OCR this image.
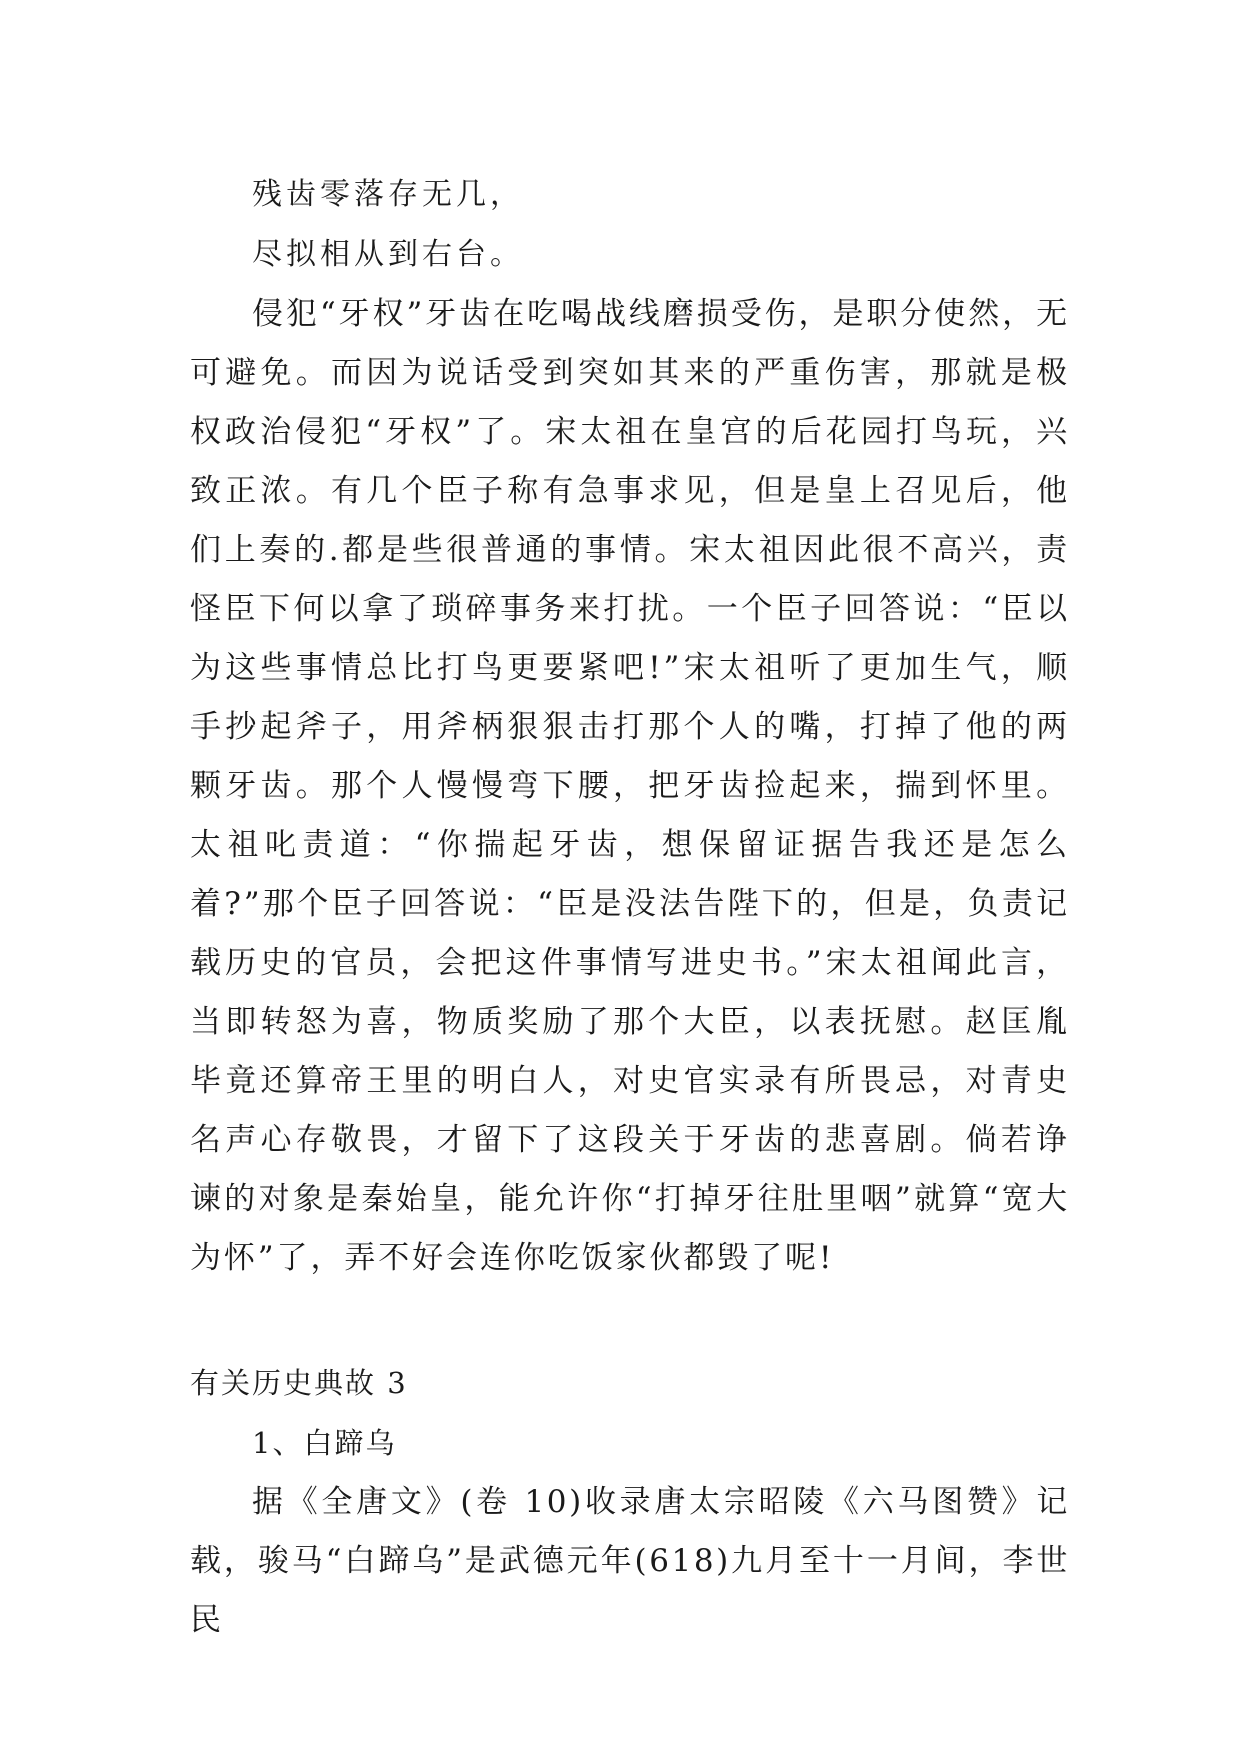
残齿零落存无几，
尽拟相从到右台。
侵犯“牙权”牙齿在吃喝战线磨损受伤，是职分使然，无可避免。而因为说话受到突如其来的严重伤害，那就是极权政治侵犯“牙权”了。宋太祖在皇宫的后花园打鸟玩，兴致正浓。有几个臣子称有急事求见，但是皇上召见后，他们上奏的.都是些很普通的事情。宋太祖因此很不高兴，责怪臣下何以拿了琐碎事务来打扰。一个臣子回答说：“臣以为这些事情总比打鸟更要紧吧!”宋太祖听了更加生气，顺手抄起斧子，用斧柄狠狠击打那个人的嘴，打掉了他的两颗牙齿。那个人慢慢弯下腰，把牙齿捡起来，揣到怀里。太祖叱责道：“你揣起牙齿，想保留证据告我还是怎么着?”那个臣子回答说：“臣是没法告陛下的，但是，负责记载历史的官员，会把这件事情写进史书。”宋太祖闻此言，当即转怒为喜，物质奖励了那个大臣，以表抚慰。赵匡胤毕竟还算帝王里的明白人，对史官实录有所畏忌，对青史名声心存敬畏，才留下了这段关于牙齿的悲喜剧。倘若诤谏的对象是秦始皇，能允许你“打掉牙往肚里咽”就算“宽大为怀”了，弄不好会连你吃饭家伙都毁了呢!
有关历史典故 3
1、白蹄乌
据《全唐文》(卷 10)收录唐太宗昭陵《六马图赞》记载，骏马“白蹄乌”是武德元年(618)九月至十一月间，李世民
